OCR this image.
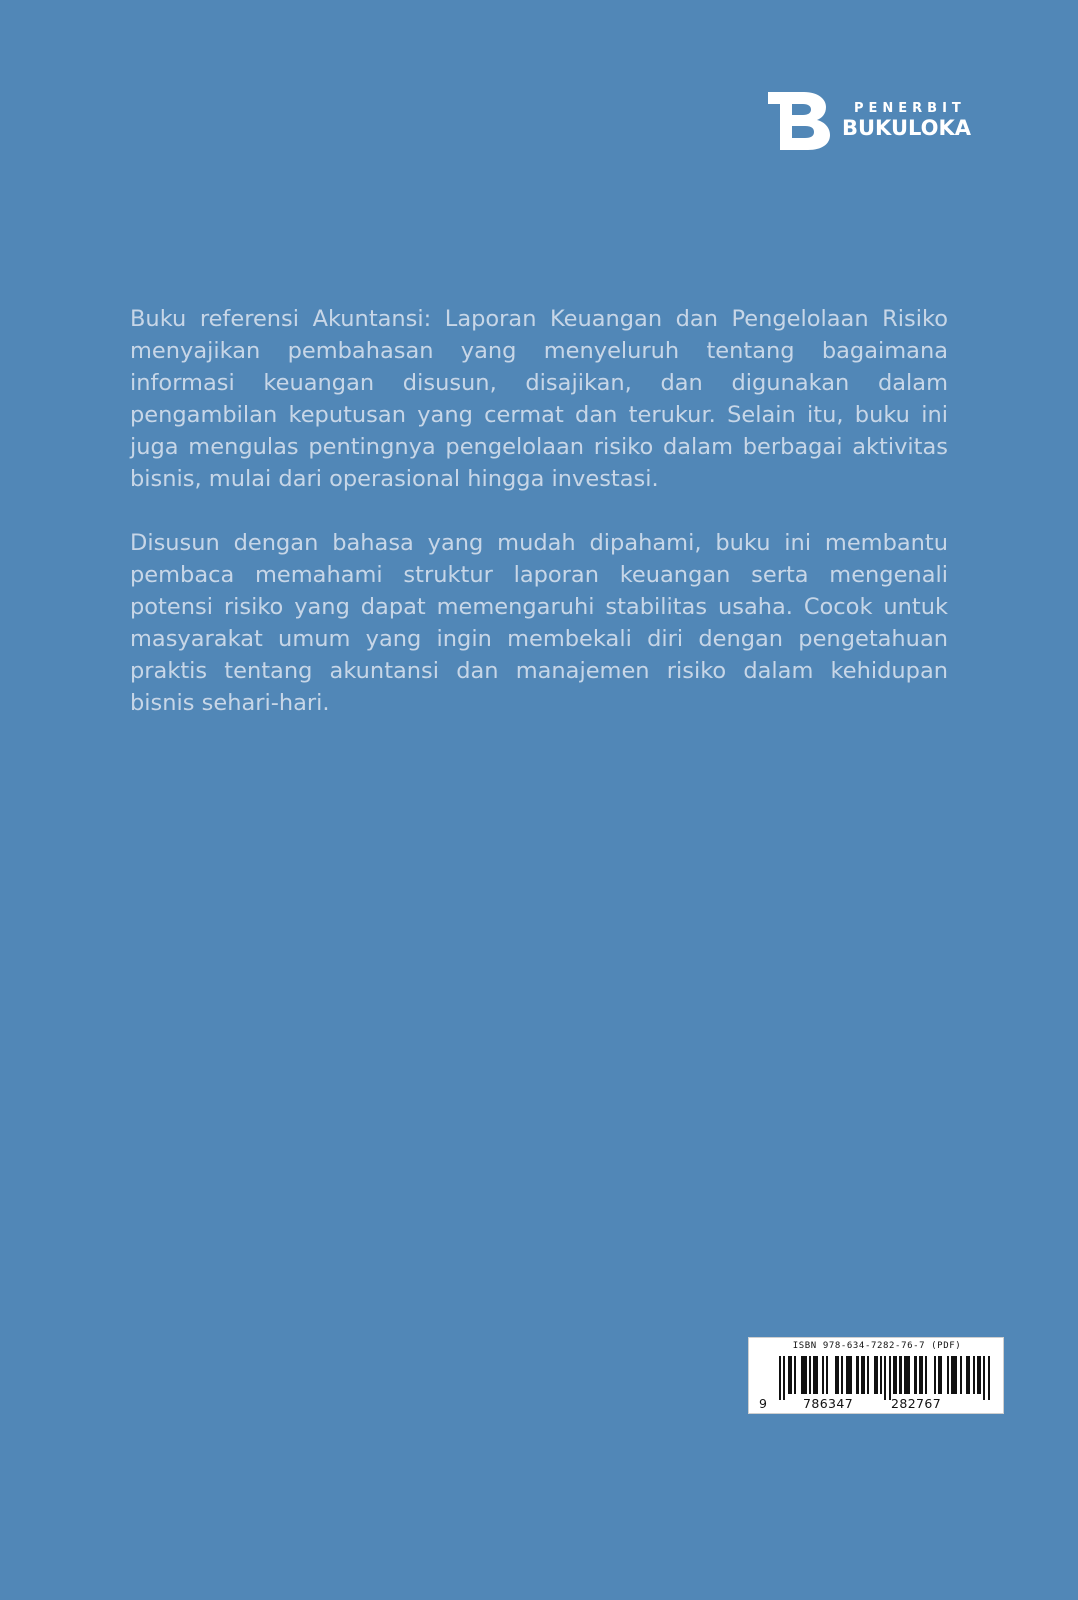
PENERBIT
BUKULOKA

Buku referensi Akuntansi: Laporan Keuangan dan Pengelolaan Risiko menyajikan pembahasan yang menyeluruh tentang bagaimana informasi keuangan disusun, disajikan, dan digunakan dalam pengambilan keputusan yang cermat dan terukur. Selain itu, buku ini juga mengulas pentingnya pengelolaan risiko dalam berbagai aktivitas bisnis, mulai dari operasional hingga investasi.

Disusun dengan bahasa yang mudah dipahami, buku ini membantu pembaca memahami struktur laporan keuangan serta mengenali potensi risiko yang dapat memengaruhi stabilitas usaha. Cocok untuk masyarakat umum yang ingin membekali diri dengan pengetahuan praktis tentang akuntansi dan manajemen risiko dalam kehidupan bisnis sehari-hari.

ISBN 978-634-7282-76-7 (PDF)
9	786347	282767
